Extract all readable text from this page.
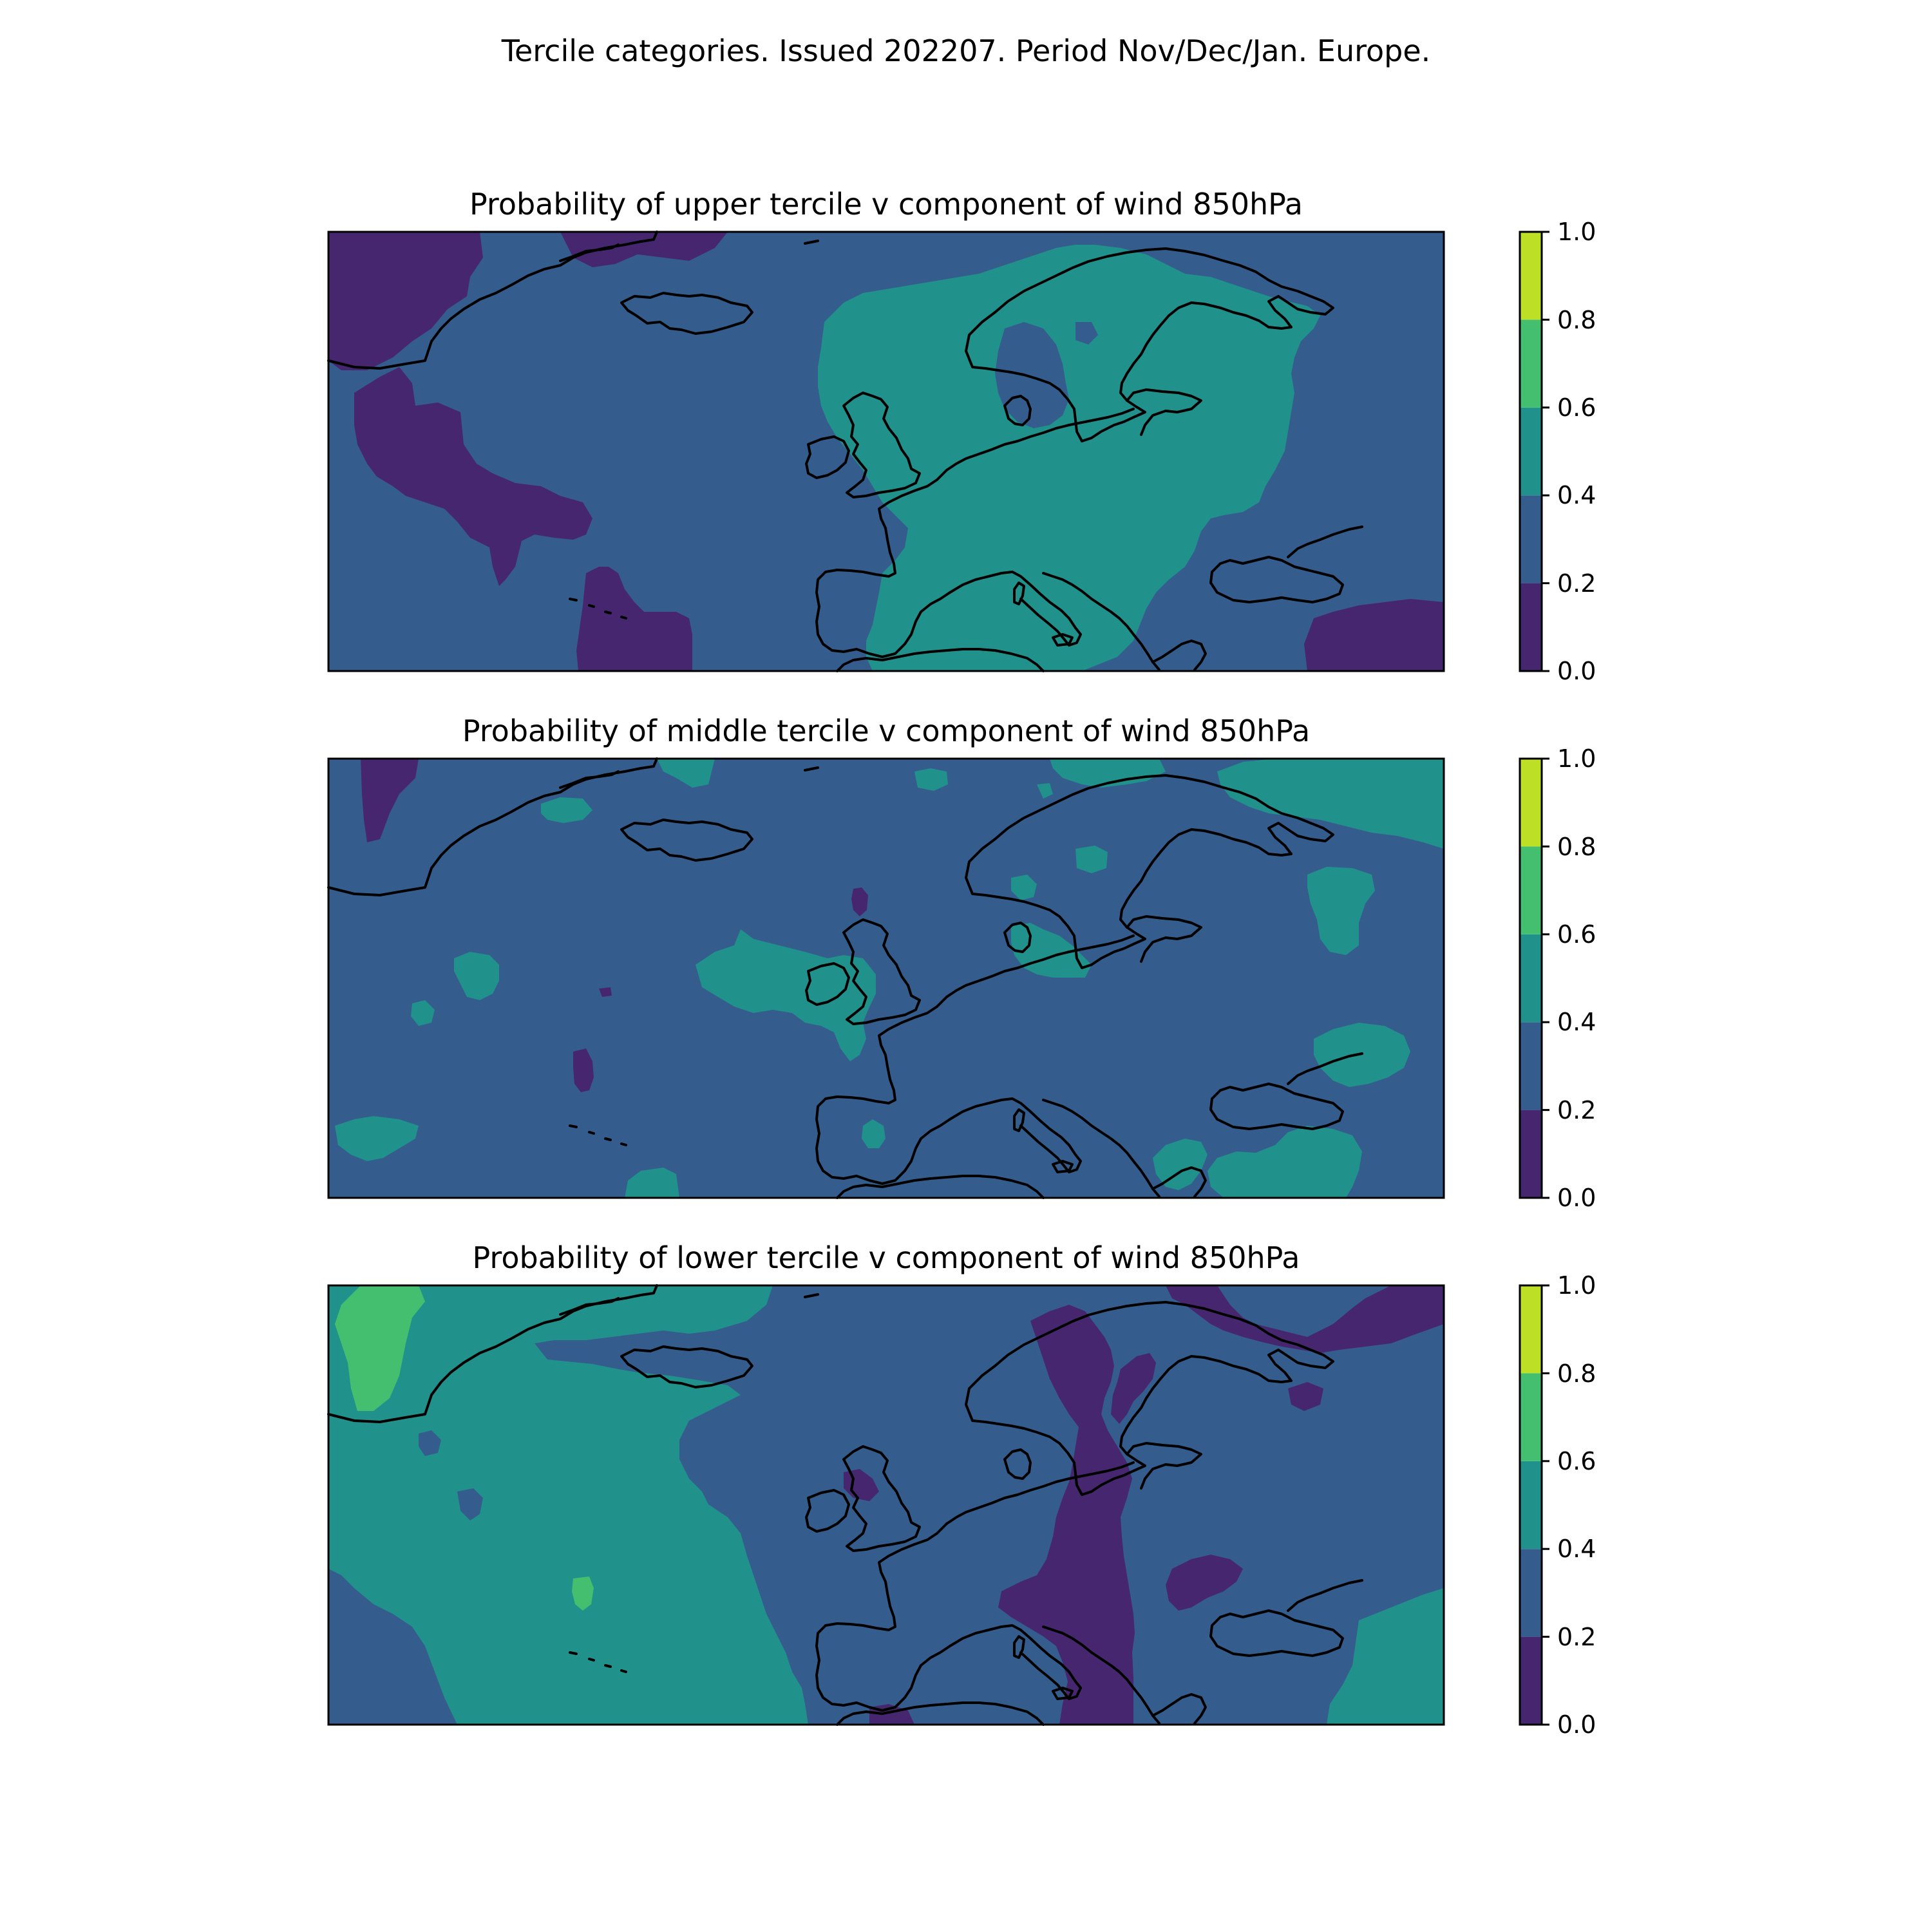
Tercile categories. Issued 202207. Period Nov/Dec/Jan. Europe.
Probability of upper tercile v component of wind 850hPa
0.0
0.2
0.4
0.6
0.8
1.0
Probability of middle tercile v component of wind 850hPa
0.0
0.2
0.4
0.6
0.8
1.0
Probability of lower tercile v component of wind 850hPa
0.0
0.2
0.4
0.6
0.8
1.0
